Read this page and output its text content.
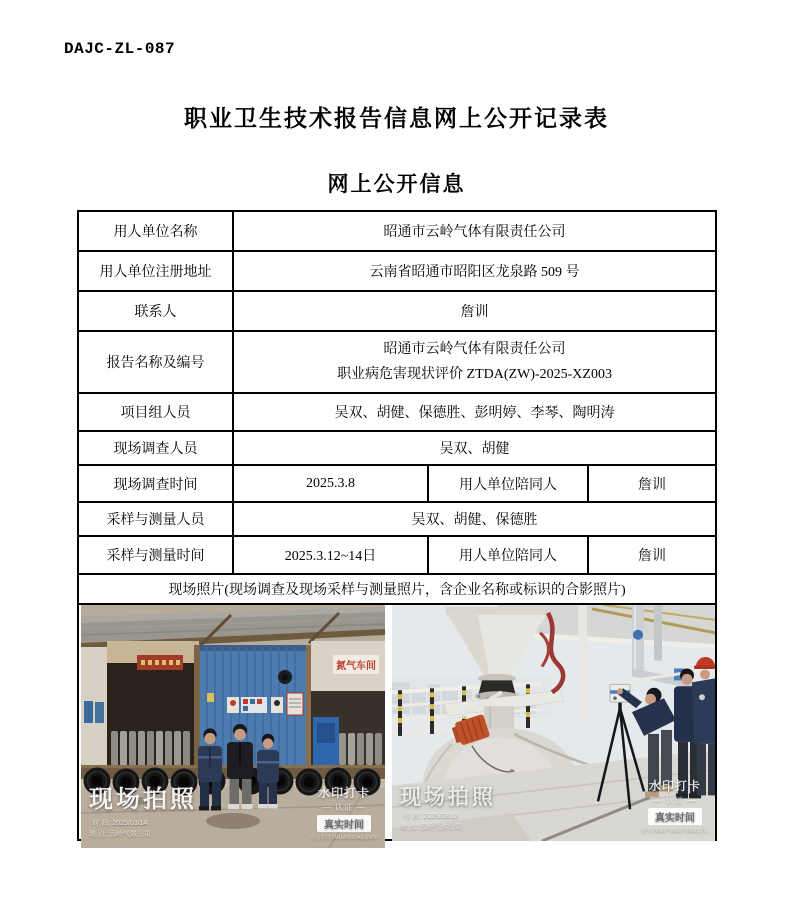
DAJC-ZL-087
职业卫生技术报告信息网上公开记录表
网上公开信息
用人单位名称	昭通市云岭气体有限责任公司		
用人单位注册地址	云南省昭通市昭阳区龙泉路 509 号		
联系人	詹训		
报告名称及编号	昭通市云岭气体有限责任公司
职业病危害现状评价 ZTDA(ZW)-2025-XZ003		

项目组人员	吴双、胡健、保德胜、彭明婷、李琴、陶明涛		
现场调查人员	吴双、胡健		
现场调查时间	2025.3.8	用人单位陪同人	詹训
采样与测量人员	吴双、胡健、保德胜		
采样与测量时间	2025.3.12~14日	用人单位陪同人	詹训
现场照片(现场调查及现场采样与测量照片，含企业名称或标识的合影照片)			

氮气车间
现场拍照
时 间: 2025/03/14
地 点: 云岭气体公司
水印打卡
— 认证 —
真实时间
照为CTT2MUAN3DAEUNNI
现场拍照
时 间: 2025/03/13
地 点: 云岭气体公司
水印打卡
— 认证 —
真实时间
照为PKMPTAKSTVNGCTO
